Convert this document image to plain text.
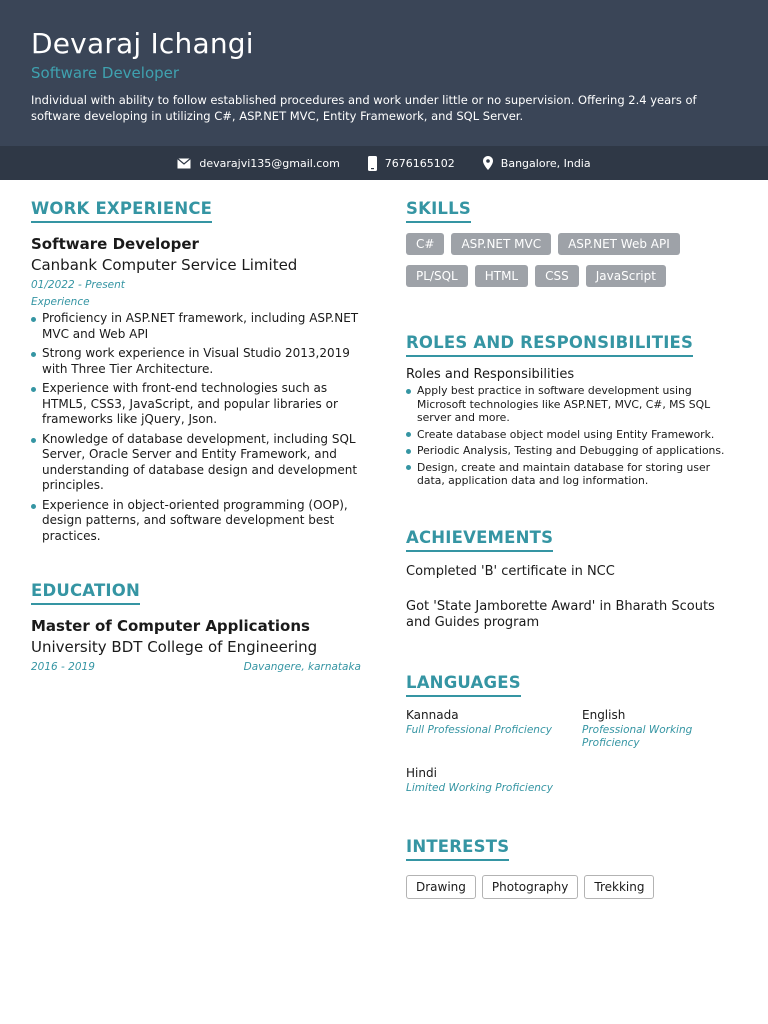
Devaraj Ichangi
Software Developer
Individual with ability to follow established procedures and work under little or no supervision. Offering 2.4 years of software developing in utilizing C#, ASP.NET MVC, Entity Framework, and SQL Server.
devarajvi135@gmail.com	7676165102	Bangalore, India
WORK EXPERIENCE
Software Developer
Canbank Computer Service Limited
01/2022 - Present
Experience
Proficiency in ASP.NET framework, including ASP.NET MVC and Web API
Strong work experience in Visual Studio 2013,2019 with Three Tier Architecture.
Experience with front-end technologies such as HTML5, CSS3, JavaScript, and popular libraries or frameworks like jQuery, Json.
Knowledge of database development, including SQL Server, Oracle Server and Entity Framework, and understanding of database design and development principles.
Experience in object-oriented programming (OOP), design patterns, and software development best practices.
EDUCATION
Master of Computer Applications
University BDT College of Engineering
2016 - 2019	Davangere, karnataka
SKILLS
C#	ASP.NET MVC	ASP.NET Web API
PL/SQL	HTML	CSS	JavaScript
ROLES AND RESPONSIBILITIES
Roles and Responsibilities
Apply best practice in software development using Microsoft technologies like ASP.NET, MVC, C#, MS SQL server and more.
Create database object model using Entity Framework.
Periodic Analysis, Testing and Debugging of applications.
Design, create and maintain database for storing user data, application data and log information.
ACHIEVEMENTS
Completed 'B' certificate in NCC
Got 'State Jamborette Award' in Bharath Scouts and Guides program
LANGUAGES
Kannada
Full Professional Proficiency
English
Professional Working Proficiency
Hindi
Limited Working Proficiency
INTERESTS
Drawing	Photography	Trekking
